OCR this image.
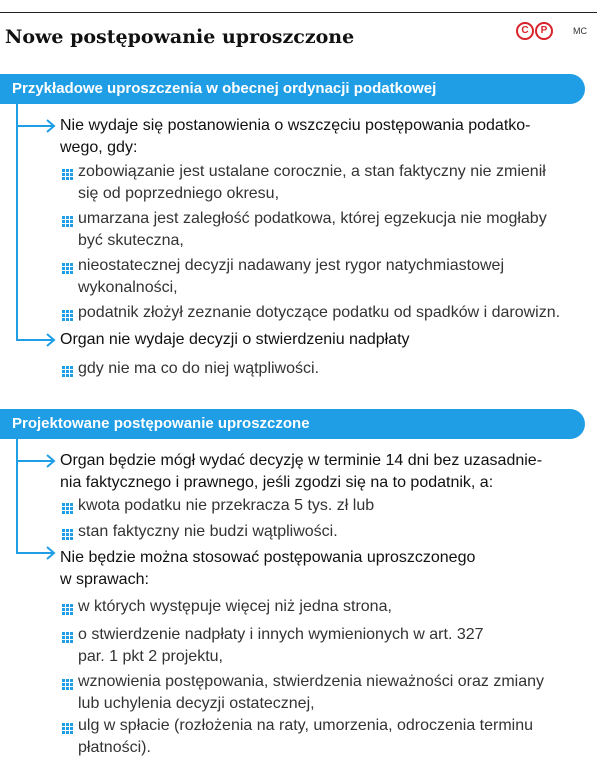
Nowe postępowanie uproszczone	C	P	MC
Przykładowe uproszczenia w obecnej ordynacji podatkowej
Nie wydaje się postanowienia o wszczęciu postępowania podatko-
wego, gdy:
zobowiązanie jest ustalane corocznie, a stan faktyczny nie zmienił
się od poprzedniego okresu,
umarzana jest zaległość podatkowa, której egzekucja nie mogłaby
być skuteczna,
nieostatecznej decyzji nadawany jest rygor natychmiastowej
wykonalności,
podatnik złożył zeznanie dotyczące podatku od spadków i darowizn.
Organ nie wydaje decyzji o stwierdzeniu nadpłaty
gdy nie ma co do niej wątpliwości.
Projektowane postępowanie uproszczone
Organ będzie mógł wydać decyzję w terminie 14 dni bez uzasadnie-
nia faktycznego i prawnego, jeśli zgodzi się na to podatnik, a:
kwota podatku nie przekracza 5 tys. zł lub
stan faktyczny nie budzi wątpliwości.
Nie będzie można stosować postępowania uproszczonego
w sprawach:
w których występuje więcej niż jedna strona,
o stwierdzenie nadpłaty i innych wymienionych w art. 327
par. 1 pkt 2 projektu,
wznowienia postępowania, stwierdzenia nieważności oraz zmiany
lub uchylenia decyzji ostatecznej,
ulg w spłacie (rozłożenia na raty, umorzenia, odroczenia terminu
płatności).
